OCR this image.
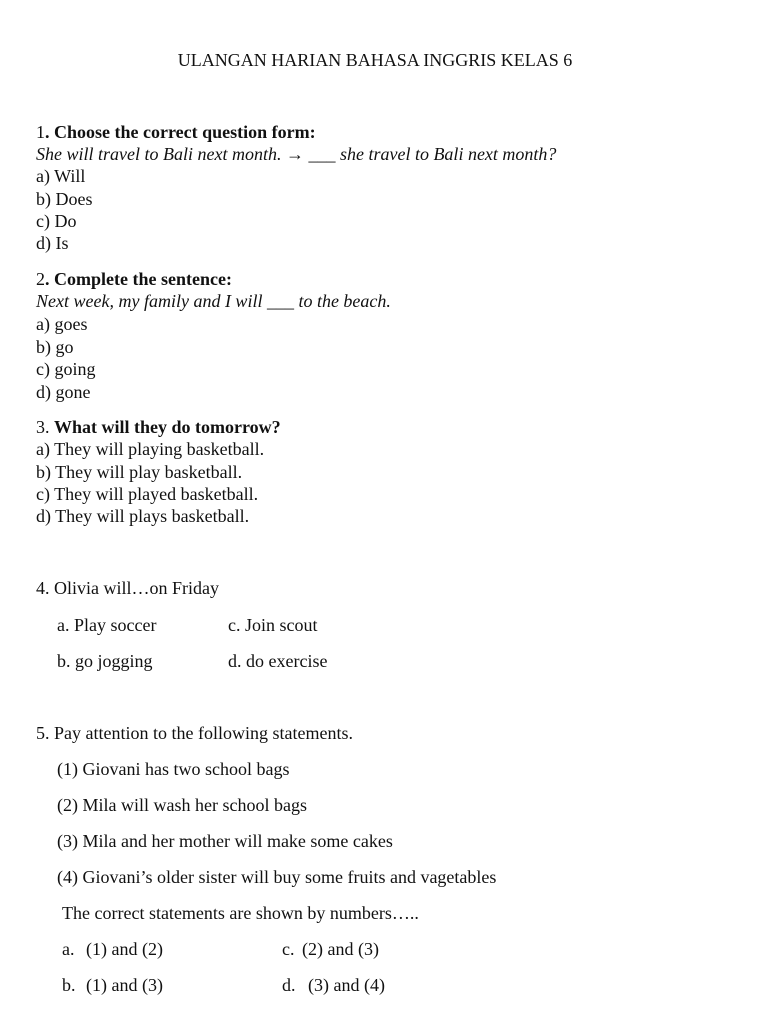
ULANGAN HARIAN BAHASA INGGRIS KELAS 6
1. Choose the correct question form:
She will travel to Bali next month. → ___ she travel to Bali next month?
a) Will
b) Does
c) Do
d) Is
2. Complete the sentence:
Next week, my family and I will ___ to the beach.
a) goes
b) go
c) going
d) gone
3. What will they do tomorrow?
a) They will playing basketball.
b) They will play basketball.
c) They will played basketball.
d) They will plays basketball.
4. Olivia will…on Friday
a. Play soccer	c. Join scout
b. go jogging	d. do exercise
5. Pay attention to the following statements.
(1) Giovani has two school bags
(2) Mila will wash her school bags
(3) Mila and her mother will make some cakes
(4) Giovani’s older sister will buy some fruits and vagetables
The correct statements are shown by numbers…..
a. (1) and (2)	c. (2) and (3)
b. (1) and (3)	d. (3) and (4)
